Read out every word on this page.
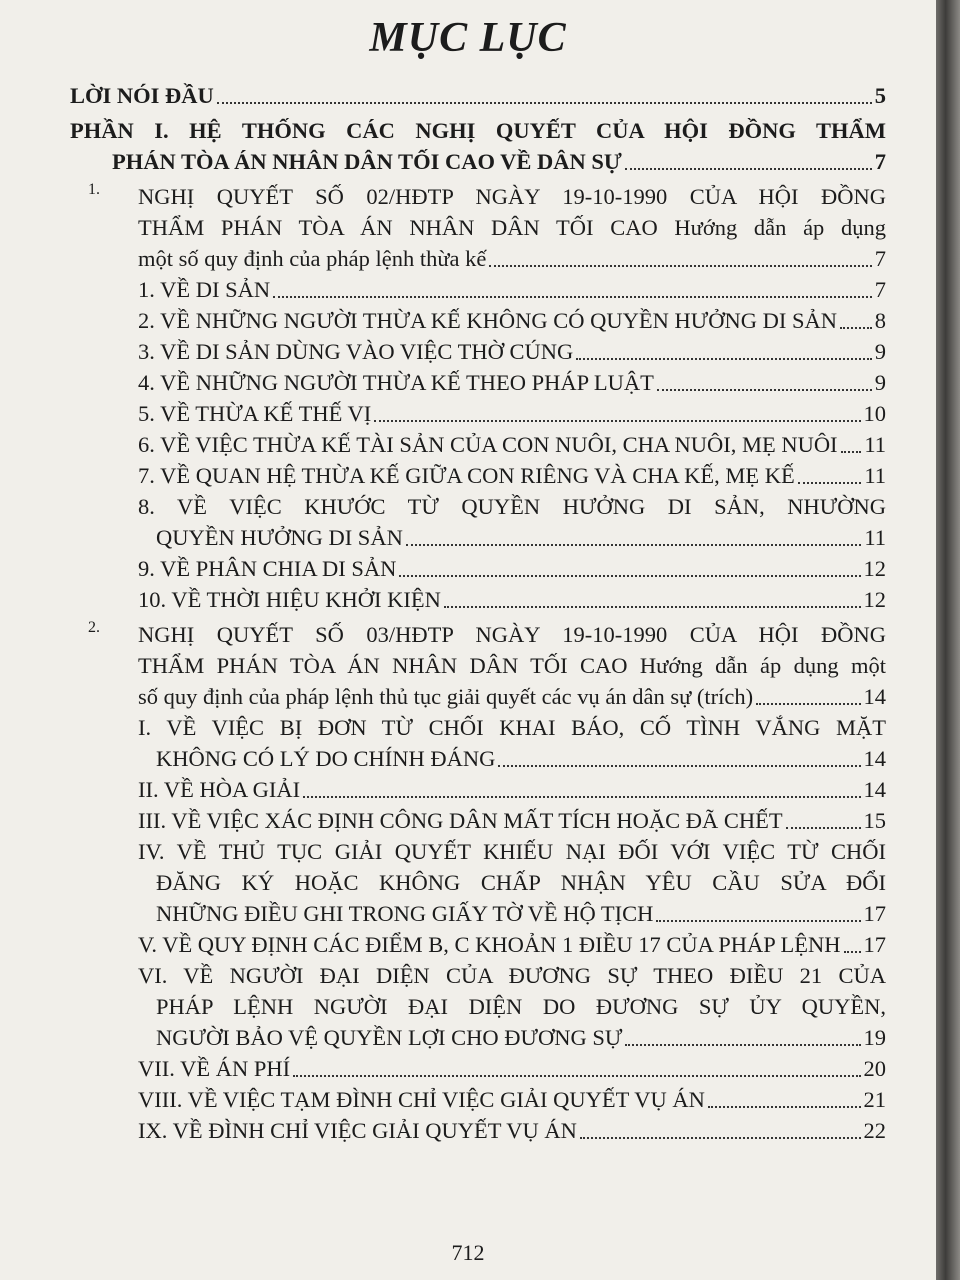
MỤC LỤC
LỜI NÓI ĐẦU	5
PHẦN I. HỆ THỐNG CÁC NGHỊ QUYẾT CỦA HỘI ĐỒNG THẨM
PHÁN TÒA ÁN NHÂN DÂN TỐI CAO VỀ DÂN SỰ	7
1. NGHỊ QUYẾT SỐ 02/HĐTP NGÀY 19-10-1990 CỦA HỘI ĐỒNG
THẨM PHÁN TÒA ÁN NHÂN DÂN TỐI CAO Hướng dẫn áp dụng
một số quy định của pháp lệnh thừa kế	7
1. VỀ DI SẢN	7
2. VỀ NHỮNG NGƯỜI THỪA KẾ KHÔNG CÓ QUYỀN HƯỞNG DI SẢN 8
3. VỀ DI SẢN DÙNG VÀO VIỆC THỜ CÚNG	9
4. VỀ NHỮNG NGƯỜI THỪA KẾ THEO PHÁP LUẬT	9
5. VỀ THỪA KẾ THẾ VỊ	10
6. VỀ VIỆC THỪA KẾ TÀI SẢN CỦA CON NUÔI, CHA NUÔI, MẸ NUÔI 11
7. VỀ QUAN HỆ THỪA KẾ GIỮA CON RIÊNG VÀ CHA KẾ, MẸ KẾ	11
8. VỀ VIỆC KHƯỚC TỪ QUYỀN HƯỞNG DI SẢN, NHƯỜNG
QUYỀN HƯỞNG DI SẢN	11
9. VỀ PHÂN CHIA DI SẢN	12
10. VỀ THỜI HIỆU KHỞI KIỆN	12
2. NGHỊ QUYẾT SỐ 03/HĐTP NGÀY 19-10-1990 CỦA HỘI ĐỒNG
THẨM PHÁN TÒA ÁN NHÂN DÂN TỐI CAO Hướng dẫn áp dụng một
số quy định của pháp lệnh thủ tục giải quyết các vụ án dân sự (trích)	14
I. VỀ VIỆC BỊ ĐƠN TỪ CHỐI KHAI BÁO, CỐ TÌNH VẮNG MẶT
KHÔNG CÓ LÝ DO CHÍNH ĐÁNG	14
II. VỀ HÒA GIẢI	14
III. VỀ VIỆC XÁC ĐỊNH CÔNG DÂN MẤT TÍCH HOẶC ĐÃ CHẾT	15
IV. VỀ THỦ TỤC GIẢI QUYẾT KHIẾU NẠI ĐỐI VỚI VIỆC TỪ CHỐI
ĐĂNG KÝ HOẶC KHÔNG CHẤP NHẬN YÊU CẦU SỬA ĐỔI
NHỮNG ĐIỀU GHI TRONG GIẤY TỜ VỀ HỘ TỊCH	17
V. VỀ QUY ĐỊNH CÁC ĐIỂM B, C KHOẢN 1 ĐIỀU 17 CỦA PHÁP LỆNH 17
VI. VỀ NGƯỜI ĐẠI DIỆN CỦA ĐƯƠNG SỰ THEO ĐIỀU 21 CỦA
PHÁP LỆNH NGƯỜI ĐẠI DIỆN DO ĐƯƠNG SỰ ỦY QUYỀN,
NGƯỜI BẢO VỆ QUYỀN LỢI CHO ĐƯƠNG SỰ	19
VII. VỀ ÁN PHÍ	20
VIII. VỀ VIỆC TẠM ĐÌNH CHỈ VIỆC GIẢI QUYẾT VỤ ÁN	21
IX. VỀ ĐÌNH CHỈ VIỆC GIẢI QUYẾT VỤ ÁN	22
712
